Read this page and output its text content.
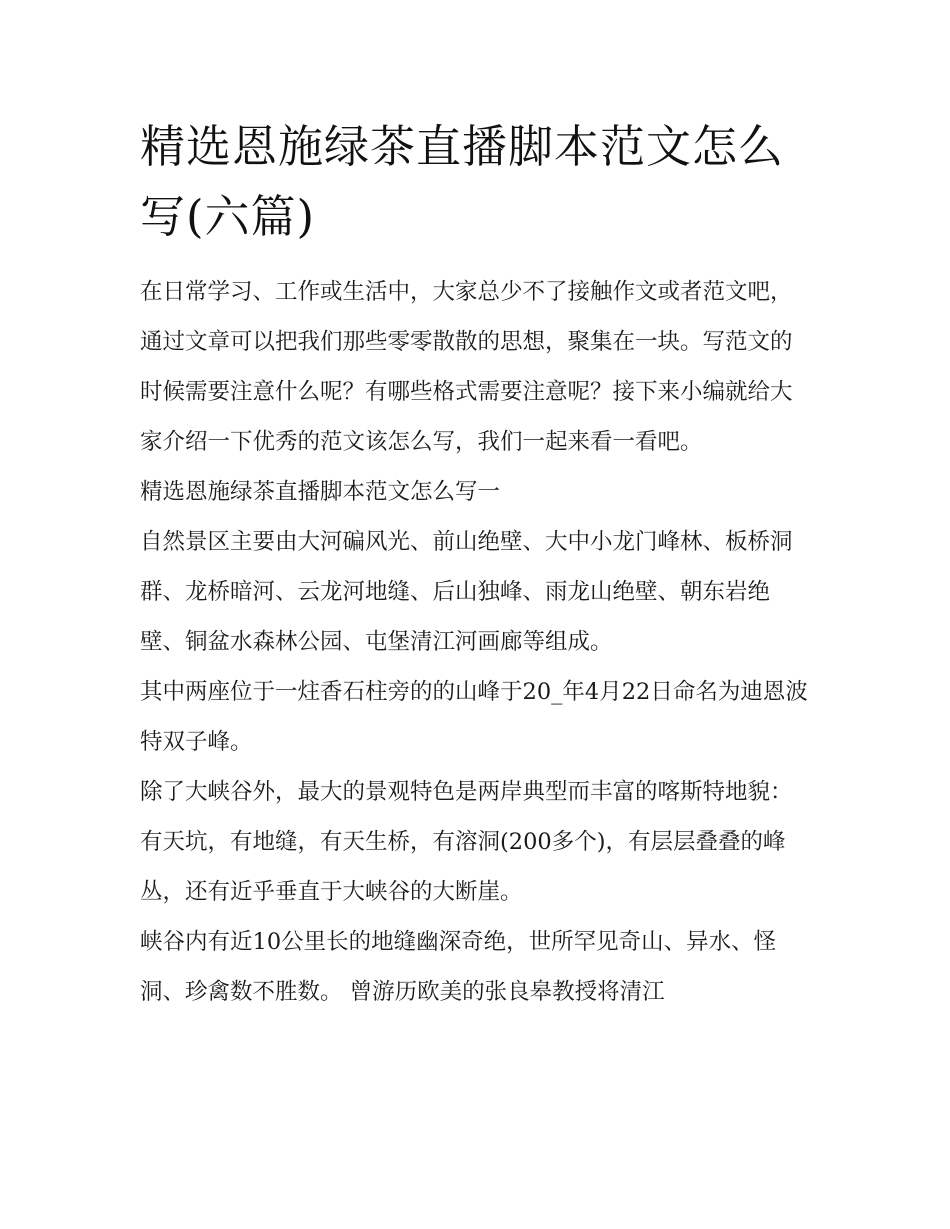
精选恩施绿茶直播脚本范文怎么写(六篇)

在日常学习、工作或生活中，大家总少不了接触作文或者范文吧，通过文章可以把我们那些零零散散的思想，聚集在一块。写范文的时候需要注意什么呢？有哪些格式需要注意呢？接下来小编就给大家介绍一下优秀的范文该怎么写，我们一起来看一看吧。

精选恩施绿茶直播脚本范文怎么写一

自然景区主要由大河碥风光、前山绝壁、大中小龙门峰林、板桥洞群、龙桥暗河、云龙河地缝、后山独峰、雨龙山绝壁、朝东岩绝壁、铜盆水森林公园、屯堡清江河画廊等组成。

其中两座位于一炷香石柱旁的的山峰于20_年4月22日命名为迪恩波特双子峰。

除了大峡谷外，最大的景观特色是两岸典型而丰富的喀斯特地貌：有天坑，有地缝，有天生桥，有溶洞(200多个)，有层层叠叠的峰丛，还有近乎垂直于大峡谷的大断崖。

峡谷内有近10公里长的地缝幽深奇绝，世所罕见奇山、异水、怪洞、珍禽数不胜数。 曾游历欧美的张良皋教授将清江
